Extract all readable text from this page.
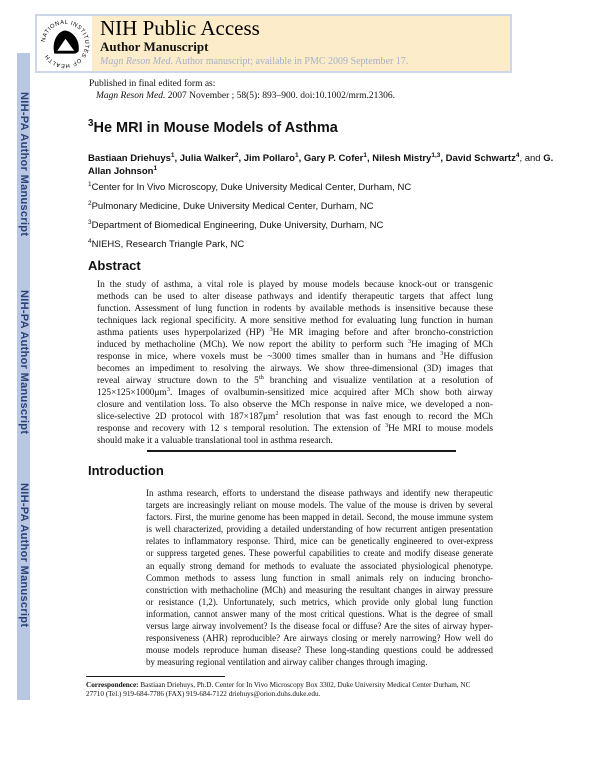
NIH-PA Author Manuscript
NIH-PA Author Manuscript
NIH-PA Author Manuscript
NATIONAL INSTITUTES OF HEALTH
NIH Public Access
Author Manuscript
Magn Reson Med. Author manuscript; available in PMC 2009 September 17.
Published in final edited form as:
Magn Reson Med. 2007 November ; 58(5): 893–900. doi:10.1002/mrm.21306.
$^3$He MRI in Mouse Models of Asthma
Bastiaan Driehuys$^1$, Julia Walker$^2$, Jim Pollaro$^1$, Gary P. Cofer$^1$, Nilesh Mistry$^{1,3}$, David Schwartz$^4$, and G. Allan Johnson$^1$
$^1$Center for In Vivo Microscopy, Duke University Medical Center, Durham, NC
$^2$Pulmonary Medicine, Duke University Medical Center, Durham, NC
$^3$Department of Biomedical Engineering, Duke University, Durham, NC
$^4$NIEHS, Research Triangle Park, NC
Abstract
In the study of asthma, a vital role is played by mouse models because knock-out or transgenic
methods can be used to alter disease pathways and identify therapeutic targets that affect lung
function. Assessment of lung function in rodents by available methods is insensitive because these
techniques lack regional specificity. A more sensitive method for evaluating lung function in human
asthma patients uses hyperpolarized (HP) $^3$He MR imaging before and after broncho-constriction
induced by methacholine (MCh). We now report the ability to perform such $^3$He imaging of MCh
response in mice, where voxels must be ~3000 times smaller than in humans and $^3$He diffusion
becomes an impediment to resolving the airways. We show three-dimensional (3D) images that
reveal airway structure down to the 5th branching and visualize ventilation at a resolution of
$125\times 125\times 1000\mu m^3$. Images of ovalbumin-sensitized mice acquired after MCh show both airway
closure and ventilation loss. To also observe the MCh response in naïve mice, we developed a non-
slice-selective 2D protocol with $187\times 187\mu m^2$ resolution that was fast enough to record the MCh
response and recovery with 12 s temporal resolution. The extension of $^3$He MRI to mouse models
should make it a valuable translational tool in asthma research.
Introduction
In asthma research, efforts to understand the disease pathways and identify new therapeutic
targets are increasingly reliant on mouse models. The value of the mouse is driven by several
factors. First, the murine genome has been mapped in detail. Second, the mouse immune system
is well characterized, providing a detailed understanding of how recurrent antigen presentation
relates to inflammatory response. Third, mice can be genetically engineered to over-express
or suppress targeted genes. These powerful capabilities to create and modify disease generate
an equally strong demand for methods to evaluate the associated physiological phenotype.
Common methods to assess lung function in small animals rely on inducing broncho-
constriction with methacholine (MCh) and measuring the resultant changes in airway pressure
or resistance (1,2). Unfortunately, such metrics, which provide only global lung function
information, cannot answer many of the most critical questions. What is the degree of small
versus large airway involvement? Is the disease focal or diffuse? Are the sites of airway hyper-
responsiveness (AHR) reproducible? Are airways closing or merely narrowing? How well do
mouse models reproduce human disease? These long-standing questions could be addressed
by measuring regional ventilation and airway caliber changes through imaging.
Correspondence: Bastiaan Driehuys, Ph.D. Center for In Vivo Microscopy Box 3302, Duke University Medical Center Durham, NC
27710 (Tel.) 919-684-7786 (FAX) 919-684-7122 driehuys@orion.duhs.duke.edu.
